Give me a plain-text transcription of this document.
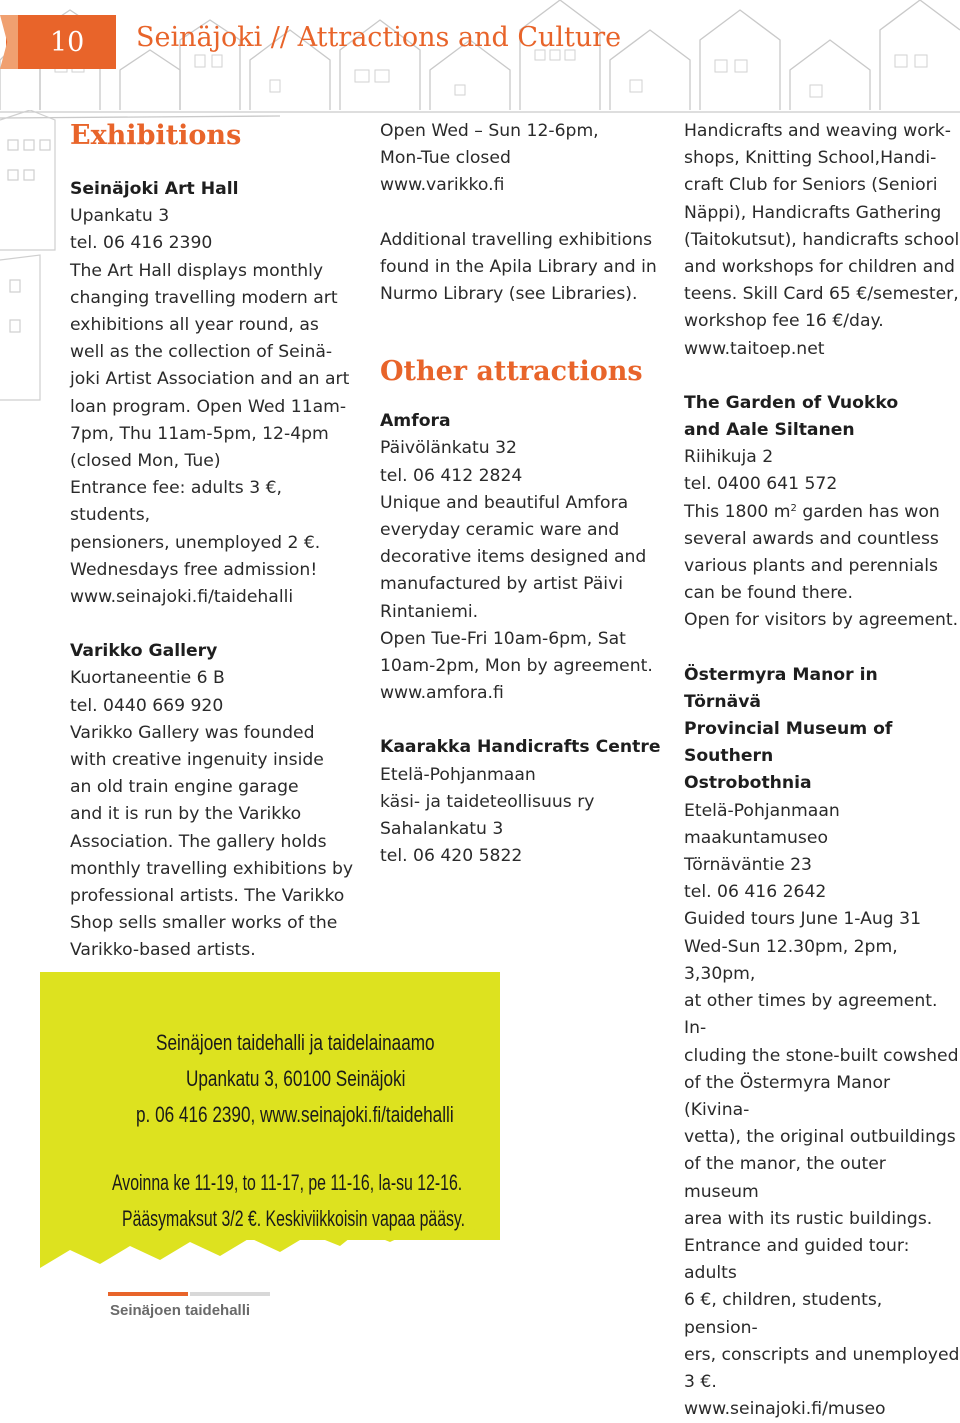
10 Seinäjoki // Attractions and Culture
Exhibitions

Seinäjoki Art Hall

Upankatu 3

tel. 06 416 2390

The Art Hall displays monthly

changing travelling modern art

exhibitions all year round, as

well as the collection of Seinä-

joki Artist Association and an art

loan program. Open Wed 11am-

7pm, Thu 11am-5pm, 12-4pm

(closed Mon, Tue)

Entrance fee: adults 3 €, students,

pensioners, unemployed 2 €.

Wednesdays free admission!

www.seinajoki.fi/taidehalli

Varikko Gallery

Kuortaneentie 6 B

tel. 0440 669 920

Varikko Gallery was founded

with creative ingenuity inside

an old train engine garage

and it is run by the Varikko

Association. The gallery holds

monthly travelling exhibitions by

professional artists. The Varikko

Shop sells smaller works of the

Varikko-based artists.

Open Wed – Sun 12-6pm,

Mon-Tue closed

www.varikko.fi

Additional travelling exhibitions

found in the Apila Library and in

Nurmo Library (see Libraries).

Other attractions

Amfora

Päivölänkatu 32

tel. 06 412 2824

Unique and beautiful Amfora

everyday ceramic ware and

decorative items designed and

manufactured by artist Päivi

Rintaniemi.

Open Tue-Fri 10am-6pm, Sat

10am-2pm, Mon by agreement.

www.amfora.fi

Kaarakka Handicrafts Centre

Etelä-Pohjanmaan

käsi- ja taideteollisuus ry

Sahalankatu 3

tel. 06 420 5822

Handicrafts and weaving work-

shops, Knitting School,Handi-

craft Club for Seniors (Seniori

Näppi), Handicrafts Gathering

(Taitokutsut), handicrafts school

and workshops for children and

teens. Skill Card 65 €/semester,

workshop fee 16 €/day.

www.taitoep.net

The Garden of Vuokko

and Aale Siltanen

Riihikuja 2

tel. 0400 641 572

This 1800 $m^2$ garden has won

several awards and countless

various plants and perennials

can be found there.

Open for visitors by agreement.

Östermyra Manor in Törnävä

Provincial Museum of Southern

Ostrobothnia

Etelä-Pohjanmaan

maakuntamuseo

Törnäväntie 23

tel. 06 416 2642

Guided tours June 1-Aug 31

Wed-Sun 12.30pm, 2pm, 3,30pm,

at other times by agreement. In-

cluding the stone-built cowshed

of the Östermyra Manor (Kivina-

vetta), the original outbuildings

of the manor, the outer museum

area with its rustic buildings.

Entrance and guided tour: adults

6 €, children, students, pension-

ers, conscripts and unemployed

3 €.

www.seinajoki.fi/museo

Seinäjoen taidehalli ja taidelainaamo
Upankatu 3, 60100 Seinäjoki
p. 06 416 2390, www.seinajoki.fi/taidehalli
Avoinna ke 11-19, to 11-17, pe 11-16, la-su 12-16.
Pääsymaksut 3/2 €. Keskiviikkoisin vapaa pääsy.
Seinäjoen taidehalli
